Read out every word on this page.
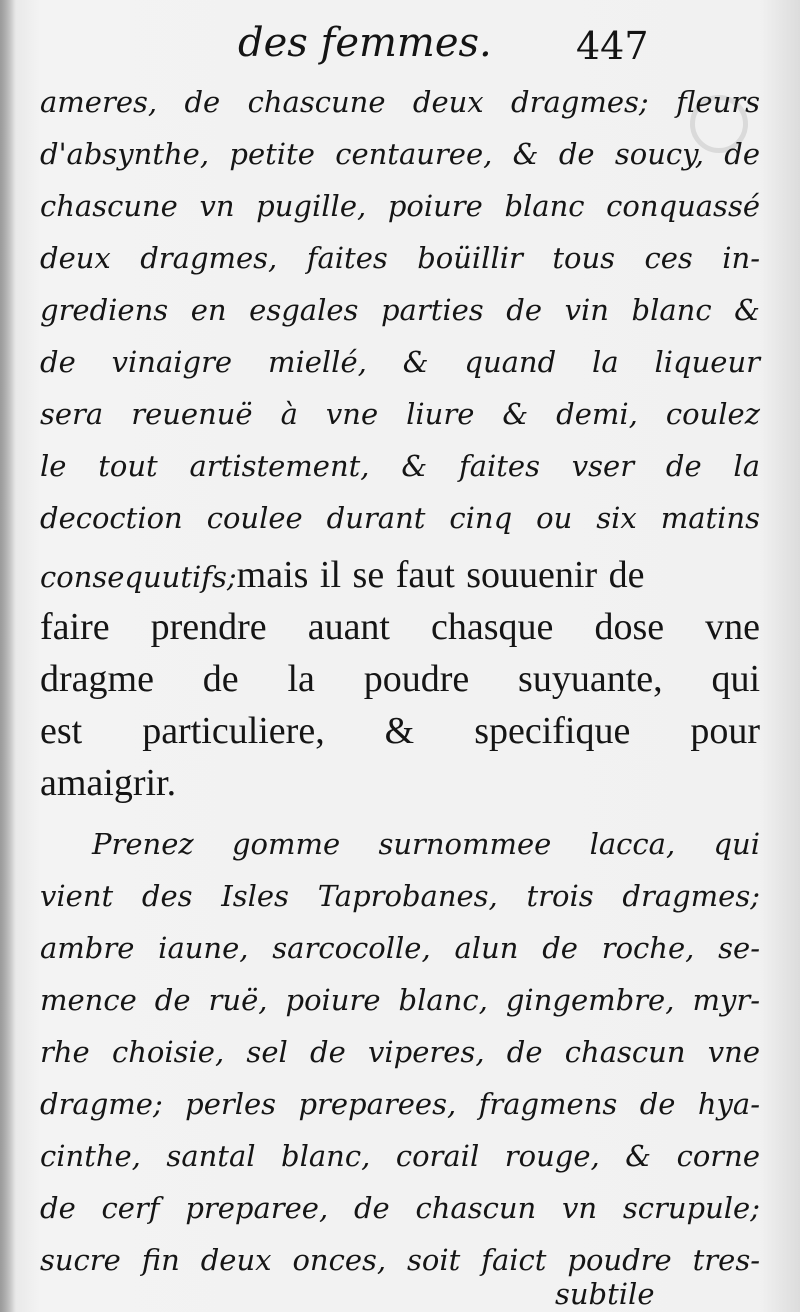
des femmes. 447
ameres, de chascune deux dragmes; fleurs
d'absynthe, petite centauree, & de soucy, de
chascune vn pugille, poiure blanc conquassé
deux dragmes, faites boüillir tous ces in-
grediens en esgales parties de vin blanc &
de vinaigre miellé, & quand la liqueur
sera reuenuë à vne liure & demi, coulez
le tout artistement, & faites vser de la
decoction coulee durant cinq ou six matins
consequutifs;mais il se faut souuenir de
faire prendre auant chasque dose vne
dragme de la poudre suyuante, qui
est particuliere, & specifique pour
amaigrir.
Prenez gomme surnommee lacca, qui
vient des Isles Taprobanes, trois dragmes;
ambre iaune, sarcocolle, alun de roche, se-
mence de ruë, poiure blanc, gingembre, myr-
rhe choisie, sel de viperes, de chascun vne
dragme; perles preparees, fragmens de hya-
cinthe, santal blanc, corail rouge, & corne
de cerf preparee, de chascun vn scrupule;
sucre fin deux onces, soit faict poudre tres-
subtile
